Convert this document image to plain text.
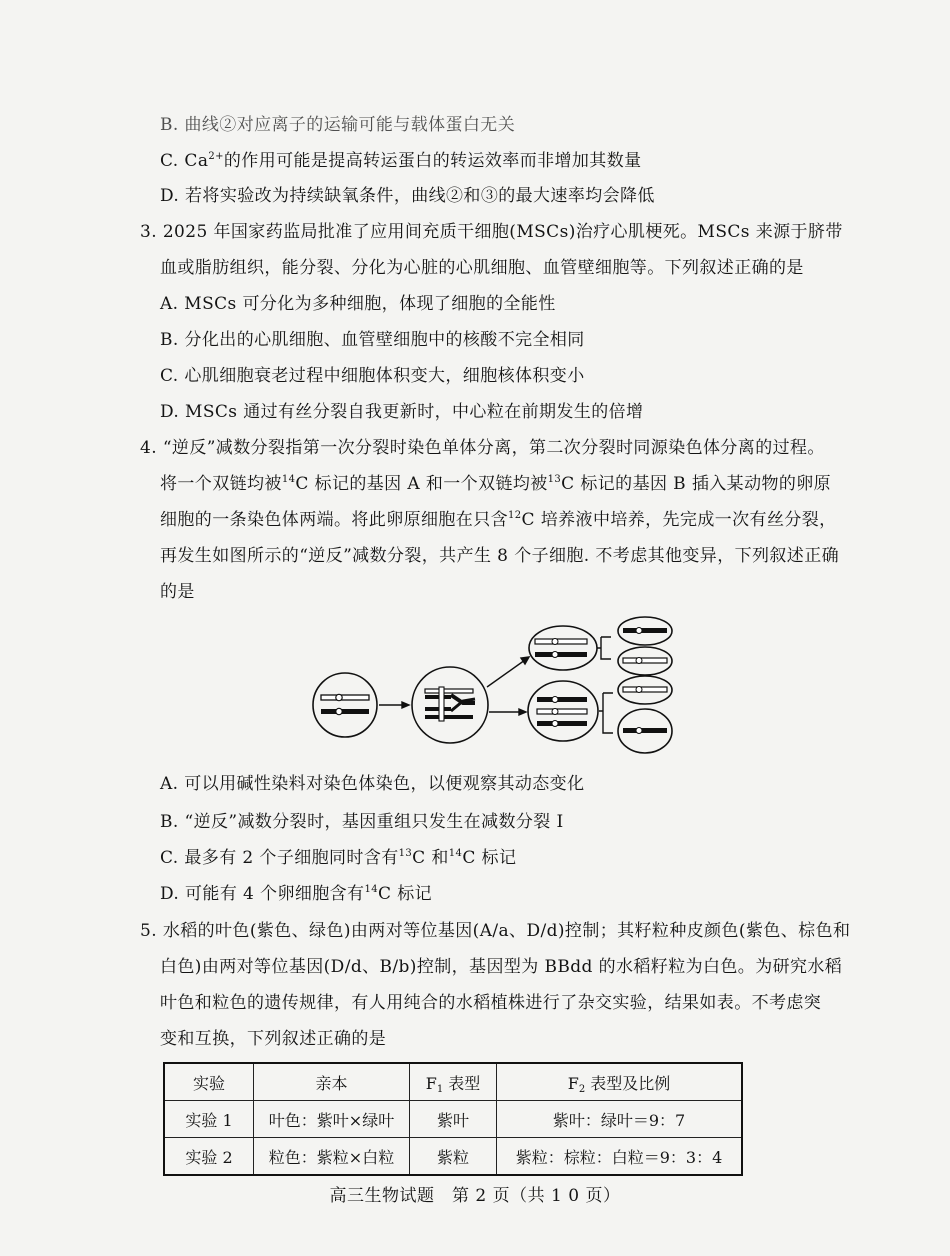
B. 曲线②对应离子的运输可能与载体蛋白无关
C. $Ca^{2+}$的作用可能是提高转运蛋白的转运效率而非增加其数量
D. 若将实验改为持续缺氧条件，曲线②和③的最大速率均会降低
3. 2025 年国家药监局批准了应用间充质干细胞(MSCs)治疗心肌梗死。MSCs 来源于脐带
血或脂肪组织，能分裂、分化为心脏的心肌细胞、血管壁细胞等。下列叙述正确的是
A. MSCs 可分化为多种细胞，体现了细胞的全能性
B. 分化出的心肌细胞、血管壁细胞中的核酸不完全相同
C. 心肌细胞衰老过程中细胞体积变大，细胞核体积变小
D. MSCs 通过有丝分裂自我更新时，中心粒在前期发生的倍增
4. “逆反”减数分裂指第一次分裂时染色单体分离，第二次分裂时同源染色体分离的过程。
将一个双链均被$^{14}$C 标记的基因 A 和一个双链均被$^{13}$C 标记的基因 B 插入某动物的卵原
细胞的一条染色体两端。将此卵原细胞在只含$^{12}$C 培养液中培养，先完成一次有丝分裂，
再发生如图所示的“逆反”减数分裂，共产生 8 个子细胞. 不考虑其他变异，下列叙述正确
的是
A. 可以用碱性染料对染色体染色，以便观察其动态变化
B. “逆反”减数分裂时，基因重组只发生在减数分裂 Ⅰ
C. 最多有 2 个子细胞同时含有$^{13}$C 和$^{14}$C 标记
D. 可能有 4 个卵细胞含有$^{14}$C 标记
5. 水稻的叶色(紫色、绿色)由两对等位基因(A/a、D/d)控制；其籽粒种皮颜色(紫色、棕色和
白色)由两对等位基因(D/d、B/b)控制，基因型为 BBdd 的水稻籽粒为白色。为研究水稻
叶色和粒色的遗传规律，有人用纯合的水稻植株进行了杂交实验，结果如表。不考虑突
变和互换，下列叙述正确的是
实验	亲本	$F_1$ 表型	$F_2$ 表型及比例
实验 1	叶色：紫叶×绿叶	紫叶	紫叶：绿叶＝9：7
实验 2	粒色：紫粒×白粒	紫粒	紫粒：棕粒：白粒＝9：3：4
高三生物试题　第 2 页（共 1 0 页）
